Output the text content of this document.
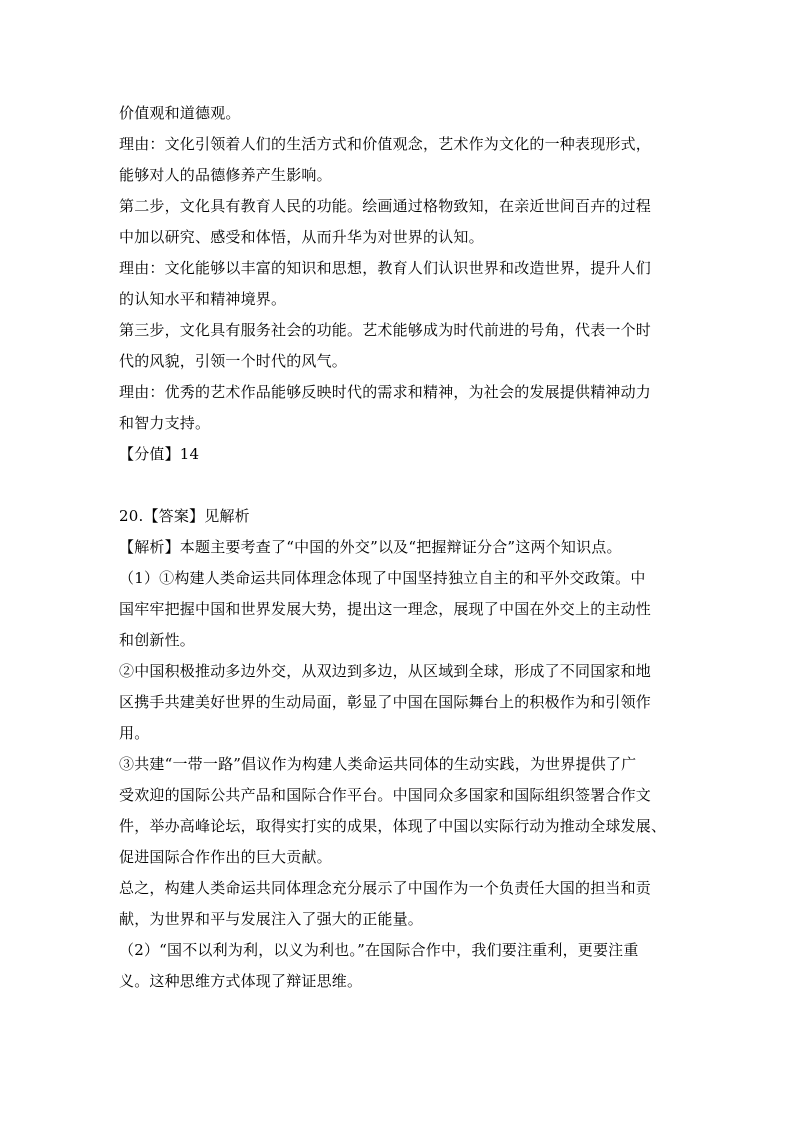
价值观和道德观。
理由：文化引领着人们的生活方式和价值观念，艺术作为文化的一种表现形式，
能够对人的品德修养产生影响。
第二步，文化具有教育人民的功能。绘画通过格物致知，在亲近世间百卉的过程
中加以研究、感受和体悟，从而升华为对世界的认知。
理由：文化能够以丰富的知识和思想，教育人们认识世界和改造世界，提升人们
的认知水平和精神境界。
第三步，文化具有服务社会的功能。艺术能够成为时代前进的号角，代表一个时
代的风貌，引领一个时代的风气。
理由：优秀的艺术作品能够反映时代的需求和精神，为社会的发展提供精神动力
和智力支持。
【分值】14
20.【答案】见解析
【解析】本题主要考查了“中国的外交”以及“把握辩证分合”这两个知识点。
（1）①构建人类命运共同体理念体现了中国坚持独立自主的和平外交政策。中
国牢牢把握中国和世界发展大势，提出这一理念，展现了中国在外交上的主动性
和创新性。
②中国积极推动多边外交，从双边到多边，从区域到全球，形成了不同国家和地
区携手共建美好世界的生动局面，彰显了中国在国际舞台上的积极作为和引领作
用。
③共建“一带一路”倡议作为构建人类命运共同体的生动实践，为世界提供了广
受欢迎的国际公共产品和国际合作平台。中国同众多国家和国际组织签署合作文
件，举办高峰论坛，取得实打实的成果，体现了中国以实际行动为推动全球发展、
促进国际合作作出的巨大贡献。
总之，构建人类命运共同体理念充分展示了中国作为一个负责任大国的担当和贡
献，为世界和平与发展注入了强大的正能量。
（2）“国不以利为利，以义为利也。”在国际合作中，我们要注重利，更要注重
义。这种思维方式体现了辩证思维。
